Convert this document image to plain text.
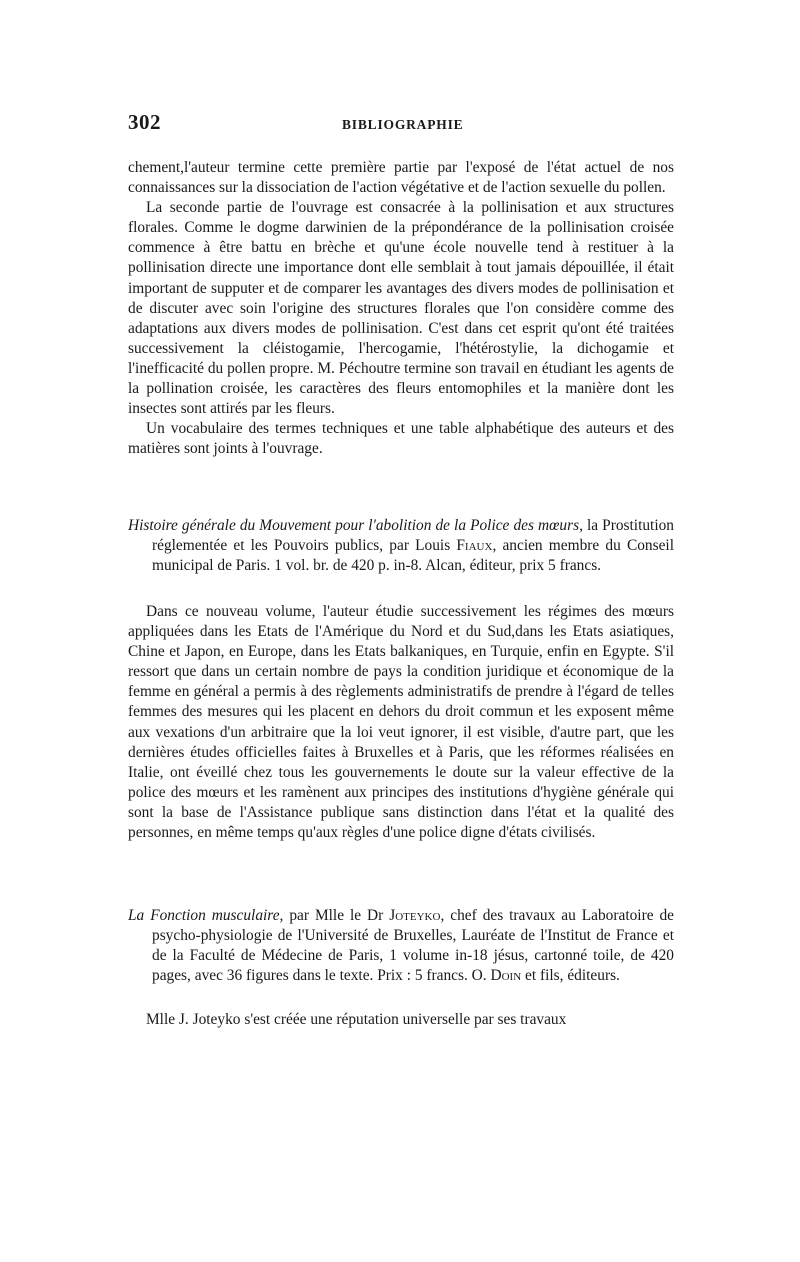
302	BIBLIOGRAPHIE

chement,l'auteur termine cette première partie par l'exposé de l'état actuel de nos connaissances sur la dissociation de l'action végétative et de l'action sexuelle du pollen.

La seconde partie de l'ouvrage est consacrée à la pollinisation et aux structures florales. Comme le dogme darwinien de la prépondérance de la pollinisation croisée commence à être battu en brèche et qu'une école nouvelle tend à restituer à la pollinisation directe une importance dont elle semblait à tout jamais dépouillée, il était important de supputer et de comparer les avantages des divers modes de pollinisation et de discuter avec soin l'origine des structures florales que l'on considère comme des adaptations aux divers modes de pollinisation. C'est dans cet esprit qu'ont été traitées successivement la cléistogamie, l'hercogamie, l'hétérostylie, la dichogamie et l'inefficacité du pollen propre. M. Péchoutre termine son travail en étudiant les agents de la pollination croisée, les caractères des fleurs entomophiles et la manière dont les insectes sont attirés par les fleurs.

Un vocabulaire des termes techniques et une table alphabétique des auteurs et des matières sont joints à l'ouvrage.

Histoire générale du Mouvement pour l'abolition de la Police des mœurs, la Prostitution réglementée et les Pouvoirs publics, par Louis Fiaux, ancien membre du Conseil municipal de Paris. 1 vol. br. de 420 p. in-8. Alcan, éditeur, prix 5 francs.

Dans ce nouveau volume, l'auteur étudie successivement les régimes des mœurs appliquées dans les Etats de l'Amérique du Nord et du Sud,dans les Etats asiatiques, Chine et Japon, en Europe, dans les Etats balkaniques, en Turquie, enfin en Egypte. S'il ressort que dans un certain nombre de pays la condition juridique et économique de la femme en général a permis à des règlements administratifs de prendre à l'égard de telles femmes des mesures qui les placent en dehors du droit commun et les exposent même aux vexations d'un arbitraire que la loi veut ignorer, il est visible, d'autre part, que les dernières études officielles faites à Bruxelles et à Paris, que les réformes réalisées en Italie, ont éveillé chez tous les gouvernements le doute sur la valeur effective de la police des mœurs et les ramènent aux principes des institutions d'hygiène générale qui sont la base de l'Assistance publique sans distinction dans l'état et la qualité des personnes, en même temps qu'aux règles d'une police digne d'états civilisés.

La Fonction musculaire, par Mlle le Dr Joteyko, chef des travaux au Laboratoire de psycho-physiologie de l'Université de Bruxelles, Lauréate de l'Institut de France et de la Faculté de Médecine de Paris, 1 volume in-18 jésus, cartonné toile, de 420 pages, avec 36 figures dans le texte. Prix : 5 francs. O. Doin et fils, éditeurs.

Mlle J. Joteyko s'est créée une réputation universelle par ses travaux
